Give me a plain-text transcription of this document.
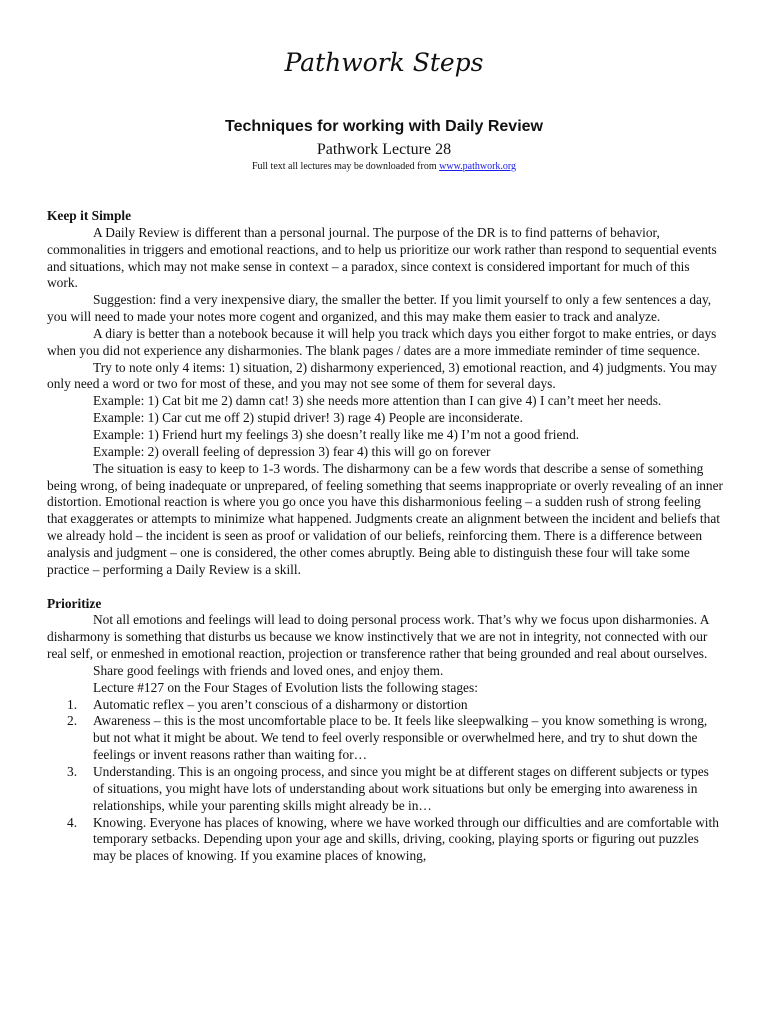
Pathwork Steps
Techniques for working with Daily Review

Pathwork Lecture 28

Full text all lectures may be downloaded from www.pathwork.org

Keep it Simple

A Daily Review is different than a personal journal. The purpose of the DR is to find patterns of behavior, commonalities in triggers and emotional reactions, and to help us prioritize our work rather than respond to sequential events and situations, which may not make sense in context – a paradox, since context is considered important for much of this work.

Suggestion: find a very inexpensive diary, the smaller the better. If you limit yourself to only a few sentences a day, you will need to made your notes more cogent and organized, and this may make them easier to track and analyze.

A diary is better than a notebook because it will help you track which days you either forgot to make entries, or days when you did not experience any disharmonies. The blank pages / dates are a more immediate reminder of time sequence.

Try to note only 4 items: 1) situation, 2) disharmony experienced, 3) emotional reaction, and 4) judgments. You may only need a word or two for most of these, and you may not see some of them for several days.

Example: 1) Cat bit me 2) damn cat! 3) she needs more attention than I can give 4) I can’t meet her needs.

Example: 1) Car cut me off 2) stupid driver! 3) rage 4) People are inconsiderate.

Example: 1) Friend hurt my feelings 3) she doesn’t really like me 4) I’m not a good friend.

Example: 2) overall feeling of depression 3) fear 4) this will go on forever

The situation is easy to keep to 1-3 words. The disharmony can be a few words that describe a sense of something being wrong, of being inadequate or unprepared, of feeling something that seems inappropriate or overly revealing of an inner distortion. Emotional reaction is where you go once you have this disharmonious feeling – a sudden rush of strong feeling that exaggerates or attempts to minimize what happened. Judgments create an alignment between the incident and beliefs that we already hold – the incident is seen as proof or validation of our beliefs, reinforcing them. There is a difference between analysis and judgment – one is considered, the other comes abruptly. Being able to distinguish these four will take some practice – performing a Daily Review is a skill.

Prioritize

Not all emotions and feelings will lead to doing personal process work. That’s why we focus upon disharmonies. A disharmony is something that disturbs us because we know instinctively that we are not in integrity, not connected with our real self, or enmeshed in emotional reaction, projection or transference rather that being grounded and real about ourselves.

Share good feelings with friends and loved ones, and enjoy them.

Lecture #127 on the Four Stages of Evolution lists the following stages:

1. Automatic reflex – you aren’t conscious of a disharmony or distortion
2. Awareness – this is the most uncomfortable place to be. It feels like sleepwalking – you know something is wrong, but not what it might be about. We tend to feel overly responsible or overwhelmed here, and try to shut down the feelings or invent reasons rather than waiting for…
3. Understanding. This is an ongoing process, and since you might be at different stages on different subjects or types of situations, you might have lots of understanding about work situations but only be emerging into awareness in relationships, while your parenting skills might already be in…
4. Knowing. Everyone has places of knowing, where we have worked through our difficulties and are comfortable with temporary setbacks. Depending upon your age and skills, driving, cooking, playing sports or figuring out puzzles may be places of knowing. If you examine places of knowing,
